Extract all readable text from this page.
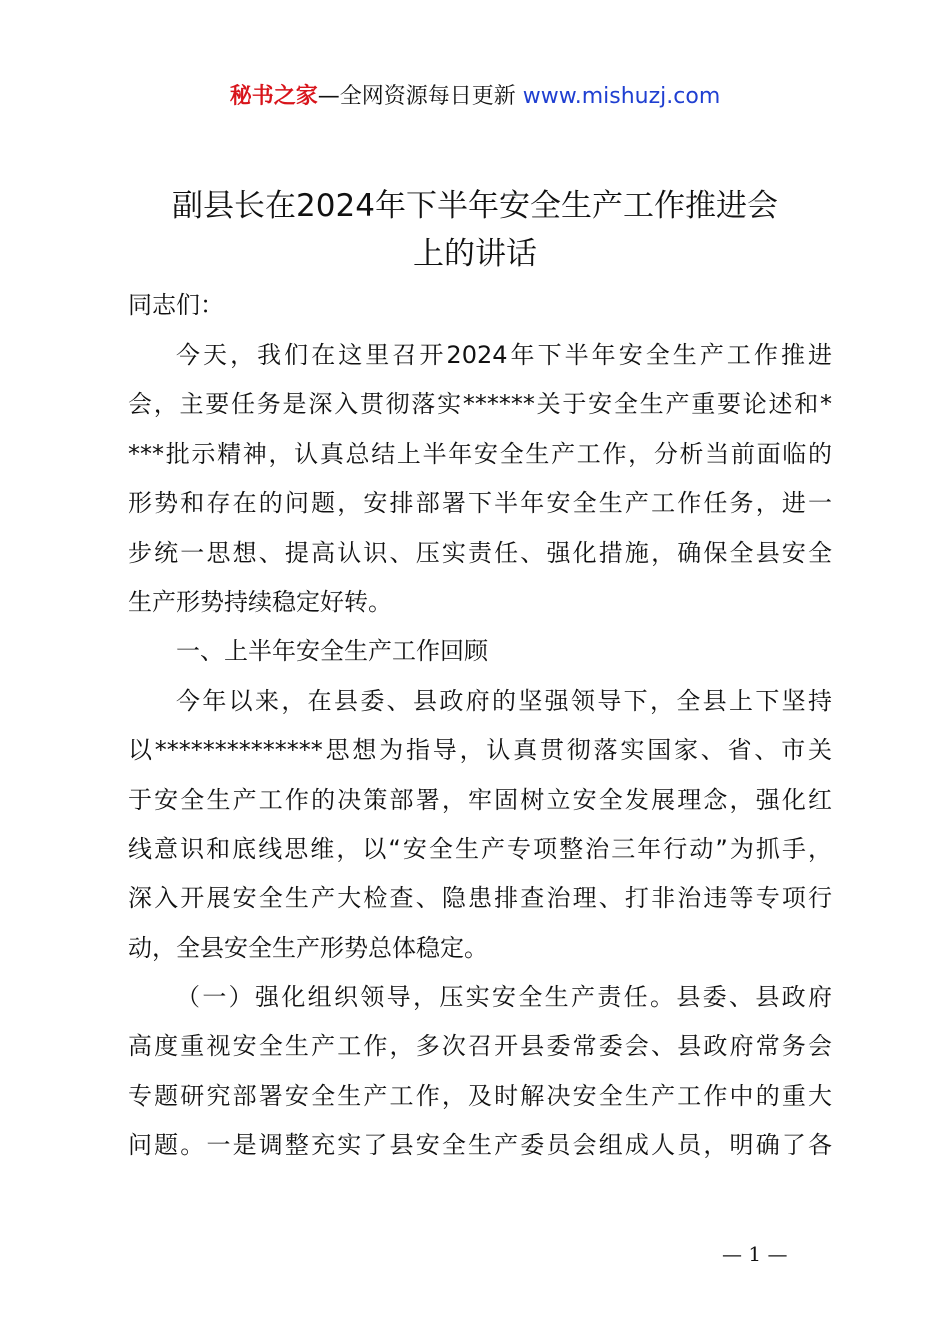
秘书之家—全网资源每日更新 www.mishuzj.com
副县长在2024年下半年安全生产工作推进会
上的讲话
同志们：

今天，我们在这里召开2024年下半年安全生产工作推进
会，主要任务是深入贯彻落实******关于安全生产重要论述和*
***批示精神，认真总结上半年安全生产工作，分析当前面临的
形势和存在的问题，安排部署下半年安全生产工作任务，进一
步统一思想、提高认识、压实责任、强化措施，确保全县安全
生产形势持续稳定好转。

一、上半年安全生产工作回顾

今年以来，在县委、县政府的坚强领导下，全县上下坚持
以**************思想为指导，认真贯彻落实国家、省、市关
于安全生产工作的决策部署，牢固树立安全发展理念，强化红
线意识和底线思维，以“安全生产专项整治三年行动”为抓手，
深入开展安全生产大检查、隐患排查治理、打非治违等专项行
动，全县安全生产形势总体稳定。

（一）强化组织领导，压实安全生产责任。县委、县政府
高度重视安全生产工作，多次召开县委常委会、县政府常务会
专题研究部署安全生产工作，及时解决安全生产工作中的重大
问题。一是调整充实了县安全生产委员会组成人员，明确了各

— 1 —
